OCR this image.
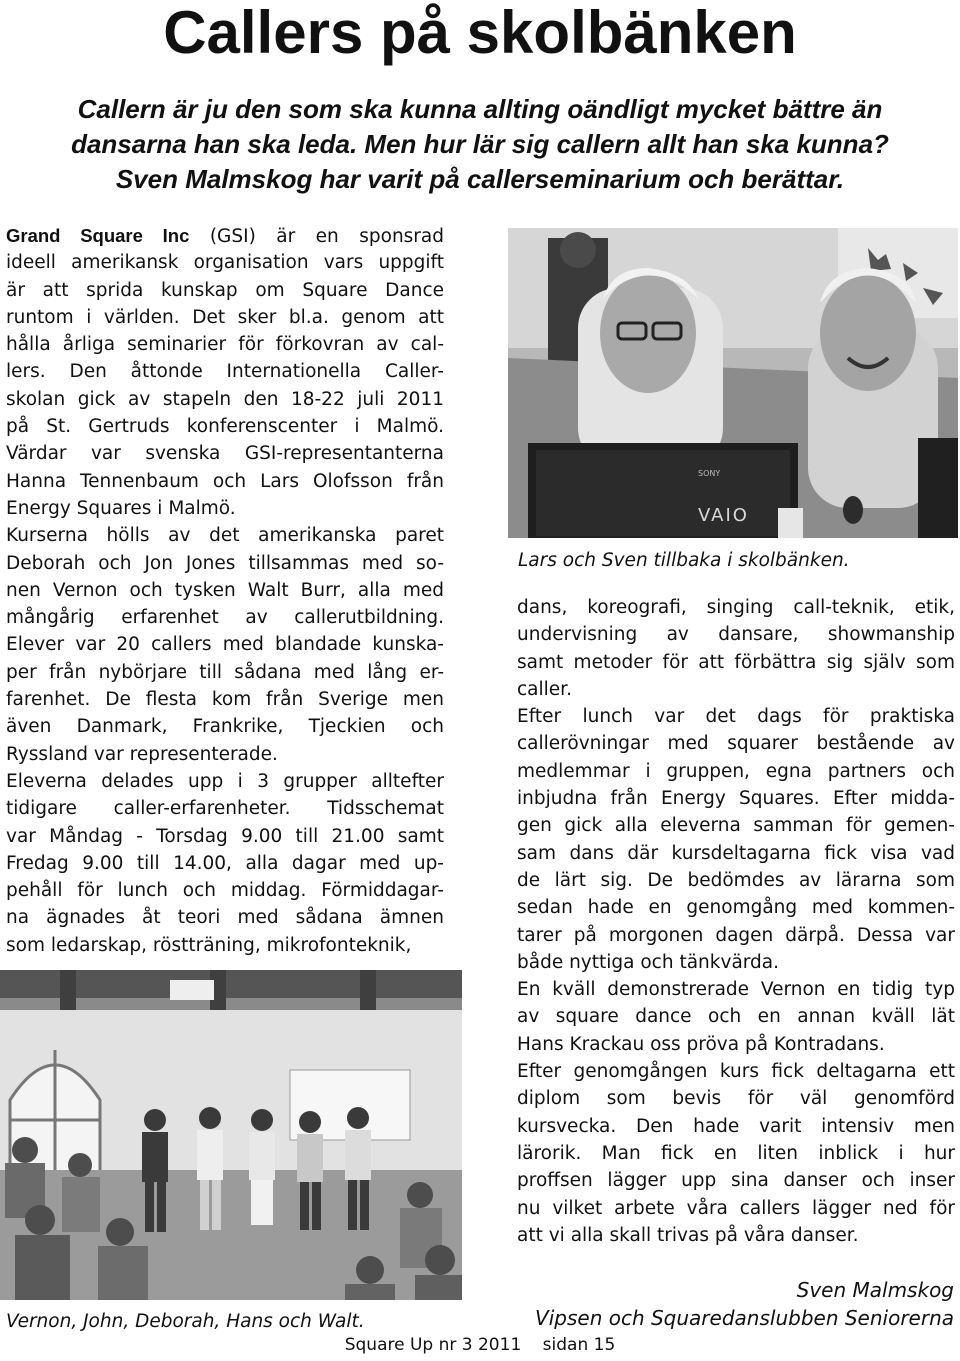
Callers på skolbänken
Callern är ju den som ska kunna allting oändligt mycket bättre än
dansarna han ska leda. Men hur lär sig callern allt han ska kunna?
Sven Malmskog har varit på callerseminarium och berättar.
Grand Square Inc (GSI) är en sponsrad
ideell amerikansk organisation vars uppgift
är att sprida kunskap om Square Dance
runtom i världen. Det sker bl.a. genom att
hålla årliga seminarier för förkovran av cal-
lers. Den åttonde Internationella Caller-
skolan gick av stapeln den 18-22 juli 2011
på St. Gertruds konferenscenter i Malmö.
Värdar var svenska GSI-representanterna
Hanna Tennenbaum och Lars Olofsson från
Energy Squares i Malmö.
Kurserna hölls av det amerikanska paret
Deborah och Jon Jones tillsammas med so-
nen Vernon och tysken Walt Burr, alla med
mångårig erfarenhet av callerutbildning.
Elever var 20 callers med blandade kunska-
per från nybörjare till sådana med lång er-
farenhet. De flesta kom från Sverige men
även Danmark, Frankrike, Tjeckien och
Ryssland var representerade.
Eleverna delades upp i 3 grupper alltefter
tidigare caller-erfarenheter. Tidsschemat
var Måndag - Torsdag 9.00 till 21.00 samt
Fredag 9.00 till 14.00, alla dagar med up-
pehåll för lunch och middag. Förmiddagar-
na ägnades åt teori med sådana ämnen
som ledarskap, röstträning, mikrofonteknik,
VAIO
SONY
Lars och Sven tillbaka i skolbänken.
dans, koreografi, singing call-teknik, etik,
undervisning av dansare, showmanship
samt metoder för att förbättra sig själv som
caller.
Efter lunch var det dags för praktiska
callerövningar med squarer bestående av
medlemmar i gruppen, egna partners och
inbjudna från Energy Squares. Efter midda-
gen gick alla eleverna samman för gemen-
sam dans där kursdeltagarna fick visa vad
de lärt sig. De bedömdes av lärarna som
sedan hade en genomgång med kommen-
tarer på morgonen dagen därpå. Dessa var
både nyttiga och tänkvärda.
En kväll demonstrerade Vernon en tidig typ
av square dance och en annan kväll lät
Hans Krackau oss pröva på Kontradans.
Efter genomgången kurs fick deltagarna ett
diplom som bevis för väl genomförd
kursvecka. Den hade varit intensiv men
lärorik. Man fick en liten inblick i hur
proffsen lägger upp sina danser och inser
nu vilket arbete våra callers lägger ned för
att vi alla skall trivas på våra danser.
Vernon, John, Deborah, Hans och Walt.
Sven Malmskog
Vipsen och Squaredanslubben Seniorerna
Square Up nr 3 2011 sidan 15
